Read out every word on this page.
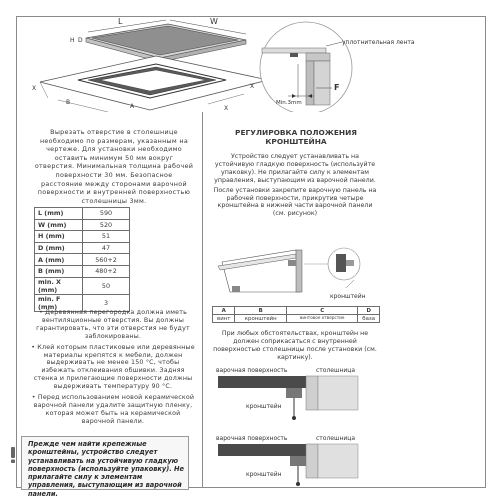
L	W
H D
X
B
A	X
X
уплотнительная лента
F
Min.3mm
Вырезать отверстие в столешнице необходимо по размерам, указанным на чертеже. Для установки необходимо оставить минимум 50 мм вокруг отверстия. Минимальная толщина рабочей поверхности 30 мм. Безопасное расстояние между сторонами варочной поверхности и внутренней поверхностью столешницы 3мм.
L (mm)	590
W (mm)	520
H (mm)	51
D (mm)	47
A (mm)	560+2
B (mm)	480+2
min. X (mm)	50
min. F (mm)	3

• Деревянная перегородка должна иметь вентиляционные отверстия. Вы должны гарантировать, что эти отверстия не будут заблокированы.

• Клей которым пластиковые или деревянные материалы крепятся к мебели, должен выдерживать не менее 150 °C, чтобы избежать отклеивания обшивки. Задняя стенка и прилегающие поверхности должны выдерживать температуру 90 °C.

• Перед использованием новой керамической варочной панели удалите защитную пленку, которая может быть на керамической варочной панели.

Прежде чем найти крепежные кронштейны, устройство следует устанавливать на устойчивую гладкую поверхность (используйте упаковку). Не прилагайте силу к элементам управления, выступающим из варочной панели.
РЕГУЛИРОВКА ПОЛОЖЕНИЯ КРОНШТЕЙНА

Устройство следует устанавливать на устойчивую гладкую поверхность (используйте упаковку). Не прилагайте силу к элементам управления, выступающим из варочной панели.

После установки закрепите варочную панель на рабочей поверхности, прикрутив четыре кронштейна в нижней части варочной панели (см. рисунок)

кронштейн
A	B	C	D
винт	кронштейн	винтовое отверстие	база
При любых обстоятельствах, кронштейн не должен соприкасаться с внутренней поверхностью столешницы после установки (см. картинку).
варочная поверхность	столешница
кронштейн
варочная поверхность	столешница
кронштейн
